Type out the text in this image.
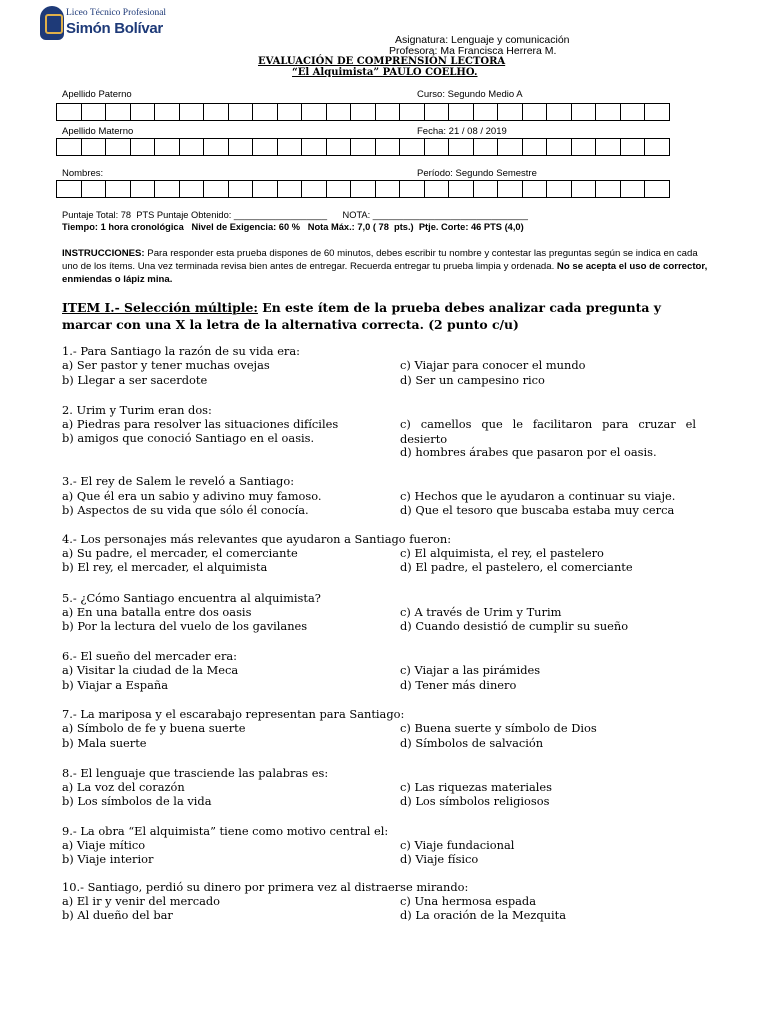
Liceo Técnico Profesional
Simón Bolívar
Asignatura: Lenguaje y comunicación
Profesora: Ma Francisca Herrera M.
EVALUACIÓN DE COMPRENSIÓN LECTORA
“El Alquimista” PAULO COELHO.
Apellido Paterno	Curso: Segundo Medio A
Apellido Materno	Fecha: 21 / 08 / 2019
Nombres:	Período: Segundo Semestre
Puntaje Total: 78  PTS Puntaje Obtenido: __________________      NOTA: ______________________________
Tiempo: 1 hora cronológica   Nivel de Exigencia: 60 %   Nota Máx.: 7,0 ( 78  pts.)  Ptje. Corte: 46 PTS (4,0)
INSTRUCCIONES: Para responder esta prueba dispones de 60 minutos, debes escribir tu nombre y contestar las preguntas según se indica en cada uno de los ítems. Una vez terminada revisa bien antes de entregar. Recuerda entregar tu prueba limpia y ordenada. No se acepta el uso de corrector, enmiendas o lápiz mina.
ITEM I.- Selección múltiple: En este ítem de la prueba debes analizar cada pregunta y marcar con una X la letra de la alternativa correcta. (2 punto c/u)
1.- Para Santiago la razón de su vida era:
a) Ser pastor y tener muchas ovejas
b) Llegar a ser sacerdote
c) Viajar para conocer el mundo
d) Ser un campesino rico
2. Urim y Turim eran dos:
a) Piedras para resolver las situaciones difíciles
b) amigos que conoció Santiago en el oasis.
c) camellos que le facilitaron para cruzar el desierto
d) hombres árabes que pasaron por el oasis.
3.- El rey de Salem le reveló a Santiago:
a) Que él era un sabio y adivino muy famoso.
b) Aspectos de su vida que sólo él conocía.
c) Hechos que le ayudaron a continuar su viaje.
d) Que el tesoro que buscaba estaba muy cerca
4.- Los personajes más relevantes que ayudaron a Santiago fueron:
a) Su padre, el mercader, el comerciante
b) El rey, el mercader, el alquimista
c) El alquimista, el rey, el pastelero
d) El padre, el pastelero, el comerciante
5.- ¿Cómo Santiago encuentra al alquimista?
a) En una batalla entre dos oasis
b) Por la lectura del vuelo de los gavilanes
c) A través de Urim y Turim
d) Cuando desistió de cumplir su sueño
6.- El sueño del mercader era:
a) Visitar la ciudad de la Meca
b) Viajar a España
c) Viajar a las pirámides
d) Tener más dinero
7.- La mariposa y el escarabajo representan para Santiago:
a) Símbolo de fe y buena suerte
b) Mala suerte
c) Buena suerte y símbolo de Dios
d) Símbolos de salvación
8.- El lenguaje que trasciende las palabras es:
a) La voz del corazón
b) Los símbolos de la vida
c) Las riquezas materiales
d) Los símbolos religiosos
9.- La obra “El alquimista” tiene como motivo central el:
a) Viaje mítico
b) Viaje interior
c) Viaje fundacional
d) Viaje físico
10.- Santiago, perdió su dinero por primera vez al distraerse mirando:
a) El ir y venir del mercado
b) Al dueño del bar
c) Una hermosa espada
d) La oración de la Mezquita
